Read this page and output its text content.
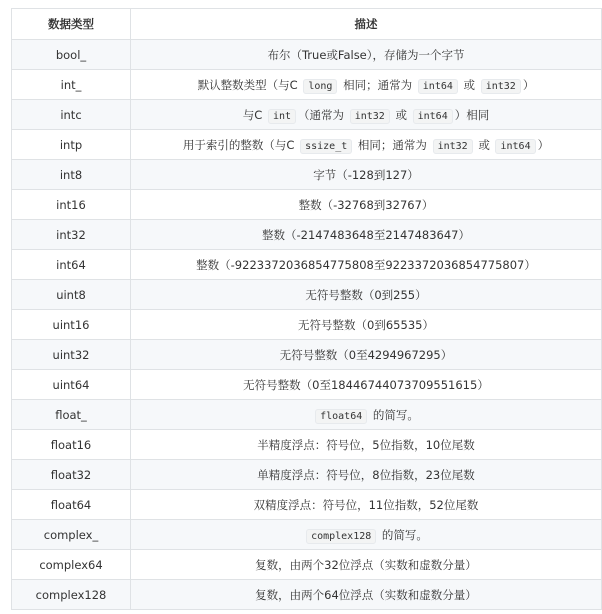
数据类型	描述
bool_	布尔（True或False），存储为一个字节
int_	默认整数类型（与C long 相同；通常为 int64 或 int32 ）
intc	与C int （通常为 int32 或 int64 ）相同
intp	用于索引的整数（与C ssize_t 相同；通常为 int32 或 int64 ）
int8	字节（-128到127）
int16	整数（-32768到32767）
int32	整数（-2147483648至2147483647）
int64	整数（-9223372036854775808至9223372036854775807）
uint8	无符号整数（0到255）
uint16	无符号整数（0到65535）
uint32	无符号整数（0至4294967295）
uint64	无符号整数（0至18446744073709551615）
float_	float64 的简写。
float16	半精度浮点：符号位，5位指数，10位尾数
float32	单精度浮点：符号位，8位指数，23位尾数
float64	双精度浮点：符号位，11位指数，52位尾数
complex_	complex128 的简写。
complex64	复数，由两个32位浮点（实数和虚数分量）
complex128	复数，由两个64位浮点（实数和虚数分量）
